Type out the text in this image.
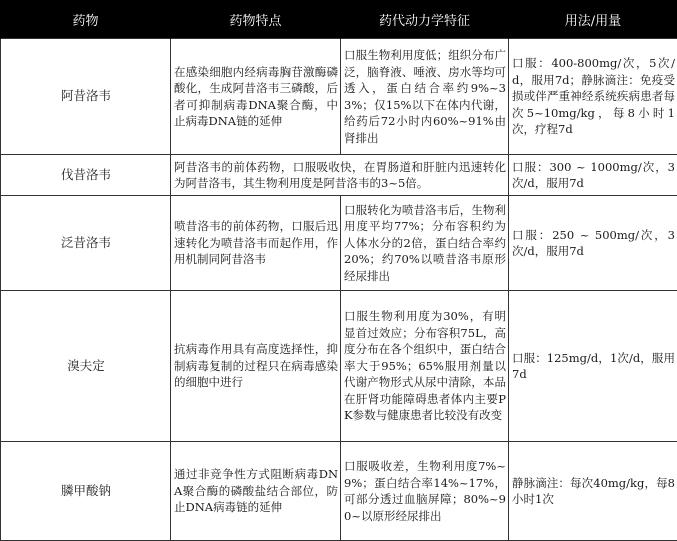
药物	药物特点	药代动力学特征	用法/用量
阿昔洛韦	在感染细胞内经病毒胸苷激酶磷酸化，生成阿昔洛韦三磷酸，后者可抑制病毒DNA聚合酶，中止病毒DNA链的延伸	口服生物利用度低；组织分布广泛，脑脊液、唾液、房水等均可透入，蛋白结合率约9%~33%；仅15%以下在体内代谢，给药后72小时内60%~91%由肾排出	口服：400-800mg/次，5次/d，服用7d；静脉滴注：免疫受损或伴严重神经系统疾病患者每次5~10mg/kg，每8小时1次，疗程7d
伐昔洛韦	阿昔洛韦的前体药物，口服吸收快，在胃肠道和肝脏内迅速转化为阿昔洛韦，其生物利用度是阿昔洛韦的3~5倍。		口服：300 ~ 1000mg/次，3次/d，服用7d
泛昔洛韦	喷昔洛韦的前体药物，口服后迅速转化为喷昔洛韦而起作用，作用机制同阿昔洛韦	口服转化为喷昔洛韦后，生物利用度平均77%；分布容积约为人体水分的2倍，蛋白结合率约20%；约70%以喷昔洛韦原形经尿排出	口服：250 ~ 500mg/次，3次/d，服用7d
溴夫定	抗病毒作用具有高度选择性，抑制病毒复制的过程只在病毒感染的细胞中进行	口服生物利用度为30%，有明显首过效应；分布容积75L，高度分布在各个组织中，蛋白结合率大于95%；65%服用剂量以代谢产物形式从尿中清除，本品在肝肾功能障碍患者体内主要PK参数与健康患者比较没有改变	口服：125mg/d，1次/d，服用7d
膦甲酸钠	通过非竞争性方式阻断病毒DNA聚合酶的磷酸盐结合部位，防止DNA病毒链的延伸	口服吸收差，生物利用度7%~9%；蛋白结合率14%~17%，可部分透过血脑屏障；80%~90~以原形经尿排出	静脉滴注：每次40mg/kg，每8小时1次
